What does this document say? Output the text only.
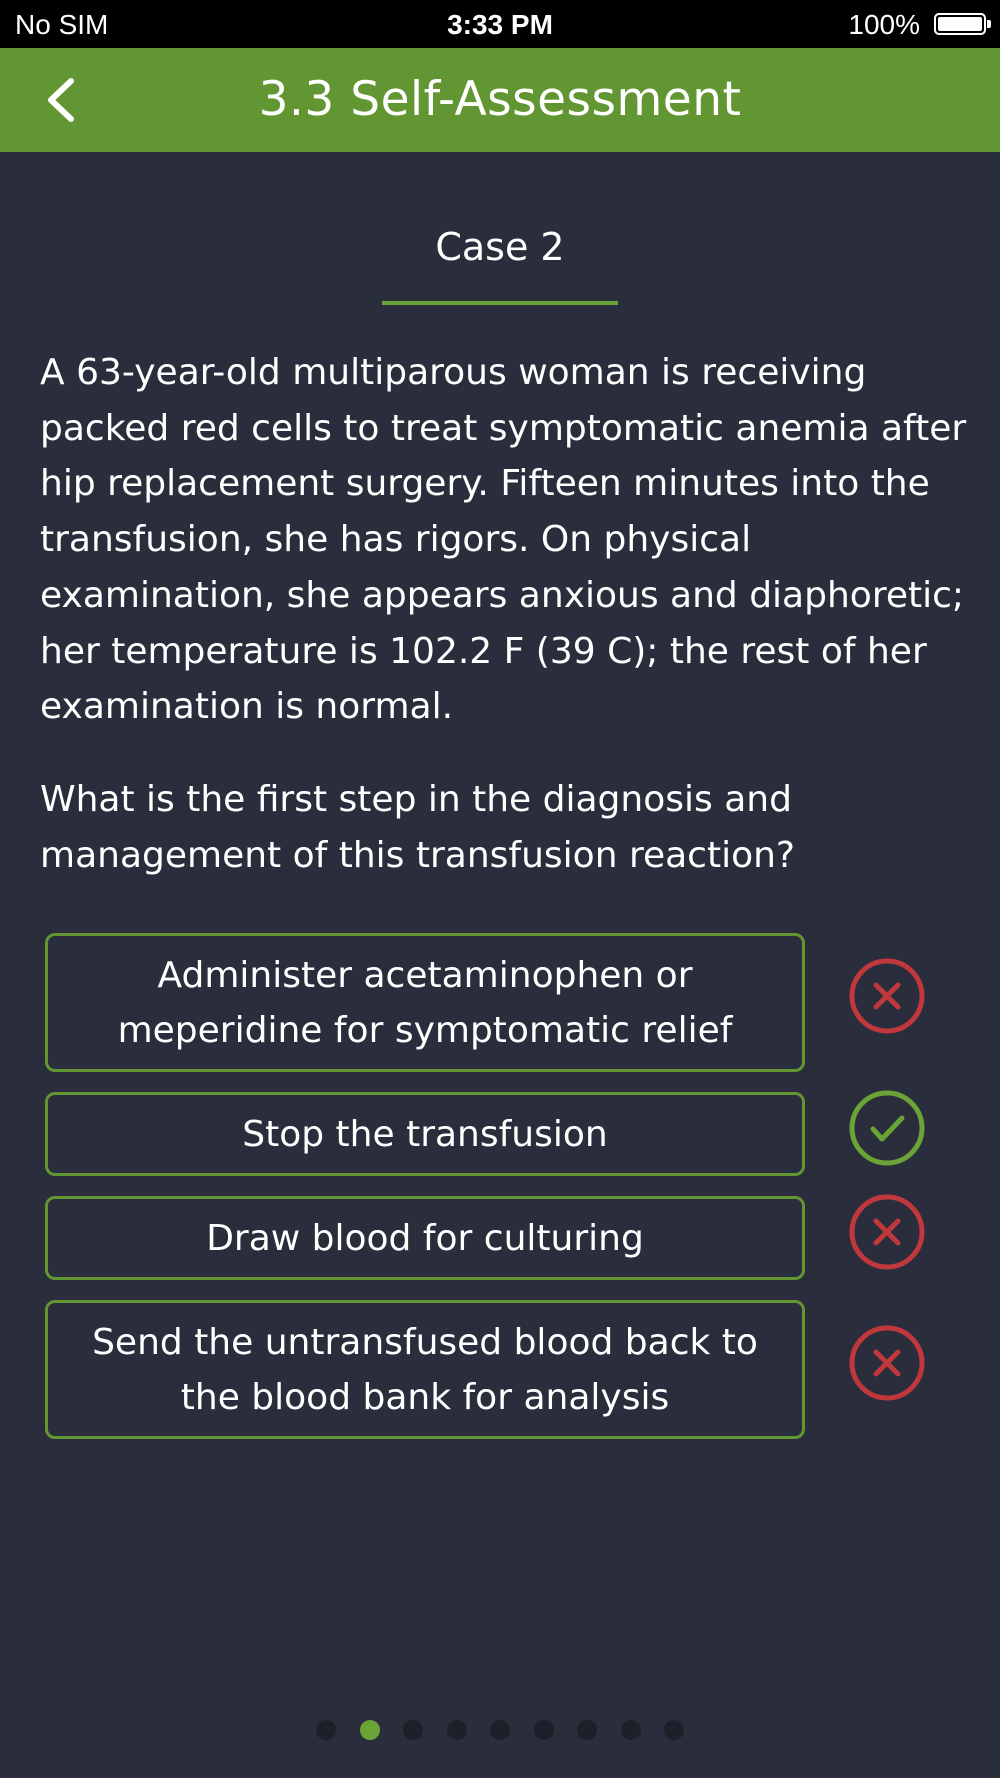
No SIM	3:33 PM	100%
3.3 Self-Assessment
Case 2

A 63-year-old multiparous woman is receiving packed red cells to treat symptomatic anemia after hip replacement surgery. Fifteen minutes into the transfusion, she has rigors. On physical examination, she appears anxious and diaphoretic; her temperature is 102.2 F (39 C); the rest of her examination is normal.

What is the first step in the diagnosis and management of this transfusion reaction?

Administer acetaminophen or meperidine for symptomatic relief
Stop the transfusion
Draw blood for culturing
Send the untransfused blood back to the blood bank for analysis
